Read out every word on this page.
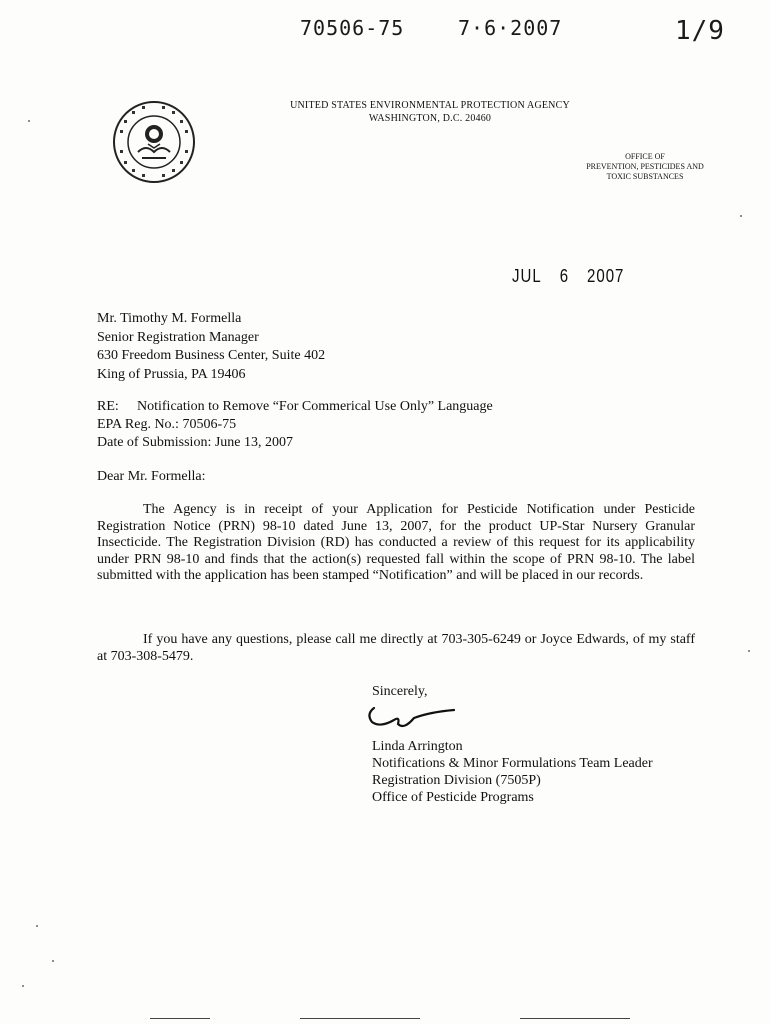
70506-75	7·6·2007	1/9
UNITED STATES ENVIRONMENTAL PROTECTION AGENCY
WASHINGTON, D.C. 20460
OFFICE OF
PREVENTION, PESTICIDES AND
TOXIC SUBSTANCES
JUL 6 2007
Mr. Timothy M. Formella
Senior Registration Manager
630 Freedom Business Center, Suite 402
King of Prussia, PA 19406
RE: Notification to Remove “For Commerical Use Only” Language
EPA Reg. No.: 70506-75
Date of Submission: June 13, 2007
Dear Mr. Formella:
The Agency is in receipt of your Application for Pesticide Notification under Pesticide Registration Notice (PRN) 98-10 dated June 13, 2007, for the product UP-Star Nursery Granular Insecticide. The Registration Division (RD) has conducted a review of this request for its applicability under PRN 98-10 and finds that the action(s) requested fall within the scope of PRN 98-10. The label submitted with the application has been stamped “Notification” and will be placed in our records.
If you have any questions, please call me directly at 703-305-6249 or Joyce Edwards, of my staff at 703-308-5479.
Sincerely,
Linda Arrington
Notifications & Minor Formulations Team Leader
Registration Division (7505P)
Office of Pesticide Programs
